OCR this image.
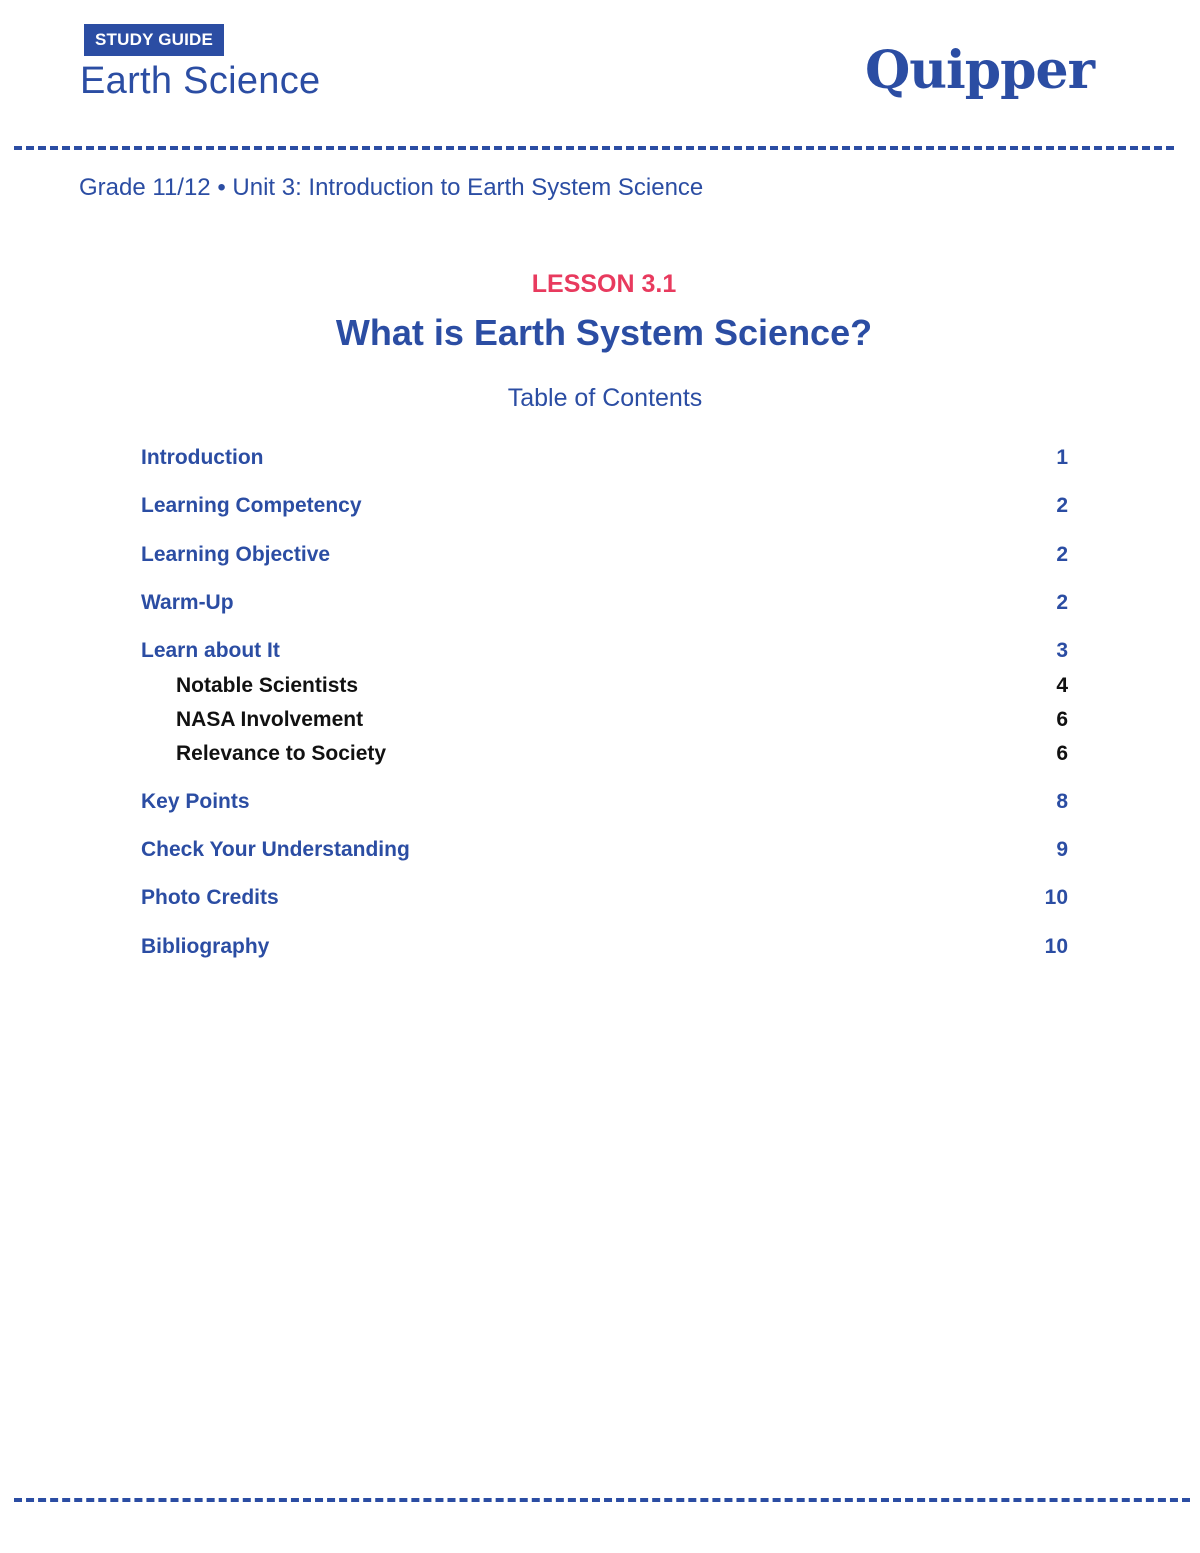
STUDY GUIDE
Earth Science	Quipper
Grade 11/12 • Unit 3: Introduction to Earth System Science
LESSON 3.1
What is Earth System Science?
Table of Contents
Introduction	1
Learning Competency	2
Learning Objective	2
Warm-Up	2
Learn about It	3
Notable Scientists	4
NASA Involvement	6
Relevance to Society	6
Key Points	8
Check Your Understanding	9
Photo Credits	10
Bibliography	10
